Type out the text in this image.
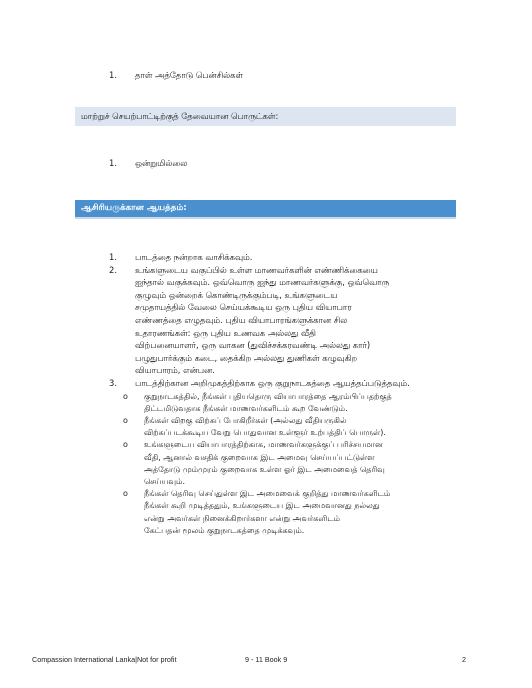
1. தாள் அத்தோடு பென்சில்கள்
மாற்றுச் செயற்பாட்டிற்குத் தேவையான பொருட்கள்:
1. ஒன்றுமில்லை
ஆசிரியருக்கான ஆயத்தம்:
1. பாடத்தை நன்றாக வாசிக்கவும்.
2. உங்களுடைய வகுப்பில் உள்ள மாணவர்களின் எண்ணிக்கையை
ஐந்தால் வகுக்கவும். ஒவ்வொரு ஐந்து மாணவர்களுக்கு, ஒவ்வொரு
குழுவும் ஒன்றைக் கொண்டிருக்கும்படி, உங்களுடைய
சமுதாயத்தில் வேலை செய்யக்கூடிய ஒரு புதிய வியாபார
எண்ணத்தை எழுதவும். புதிய வியாபாரங்களுக்கான சில
உதாரணங்கள்: ஒரு புதிய உணவக அல்லது வீதி
விற்பனையாளர், ஒரு வாகன (துவிச்சக்கரவண்டி அல்லது கார்)
பழுதுபார்க்கும் கடை, தைக்கிற அல்லது துணிகள் கழுவுகிற
வியாபாரம், என்பன.
3. பாடத்திற்கான அறிமுகத்திற்காக ஒரு குறுநாடகத்தை ஆயத்தப்படுத்தவும்.
o குறுநாடகத்தில், நீங்கள் புதியதொரு வியாபாரத்தை ஆரம்பிப்பதற்குத்
திட்டமிடுவதாக நீங்கள் மாணவர்களிடம் கூற வேண்டும்.
o நீங்கள் விறகு விற்கப் போகிறீர்கள் (அல்லது வீதியருகில்
விற்கப்படக்கூடிய வேறு பொதுவான உள்ளூர் உற்பத்திப் பொருள்).
o உங்களுடைய வியாபாரத்திற்காக, மாணவர்களுக்குப் பரிச்சயமான
வீதி, ஆனால் வசதிக் குறைவாக இட அமைவு செய்யப்பட்டுள்ள
அத்தோடு மும்முரம் குறைவாக உள்ள ஓர் இட அமைவைத் தெரிவு
செய்யவும்.
o நீங்கள் தெரிவு செய்துள்ள இட அமைவைக் குறித்து மாணவர்களிடம்
நீங்கள் கூறி முடித்ததும், உங்களுடைய இட அமைவானது நல்லது
என்று அவர்கள் நினைக்கிறார்களா என்று அவர்களிடம்
கேட்பதன் மூலம் குறுநாடகத்தை முடிக்கவும்.
Compassion International Lanka|Not for profit	9 - 11 Book 9	2
